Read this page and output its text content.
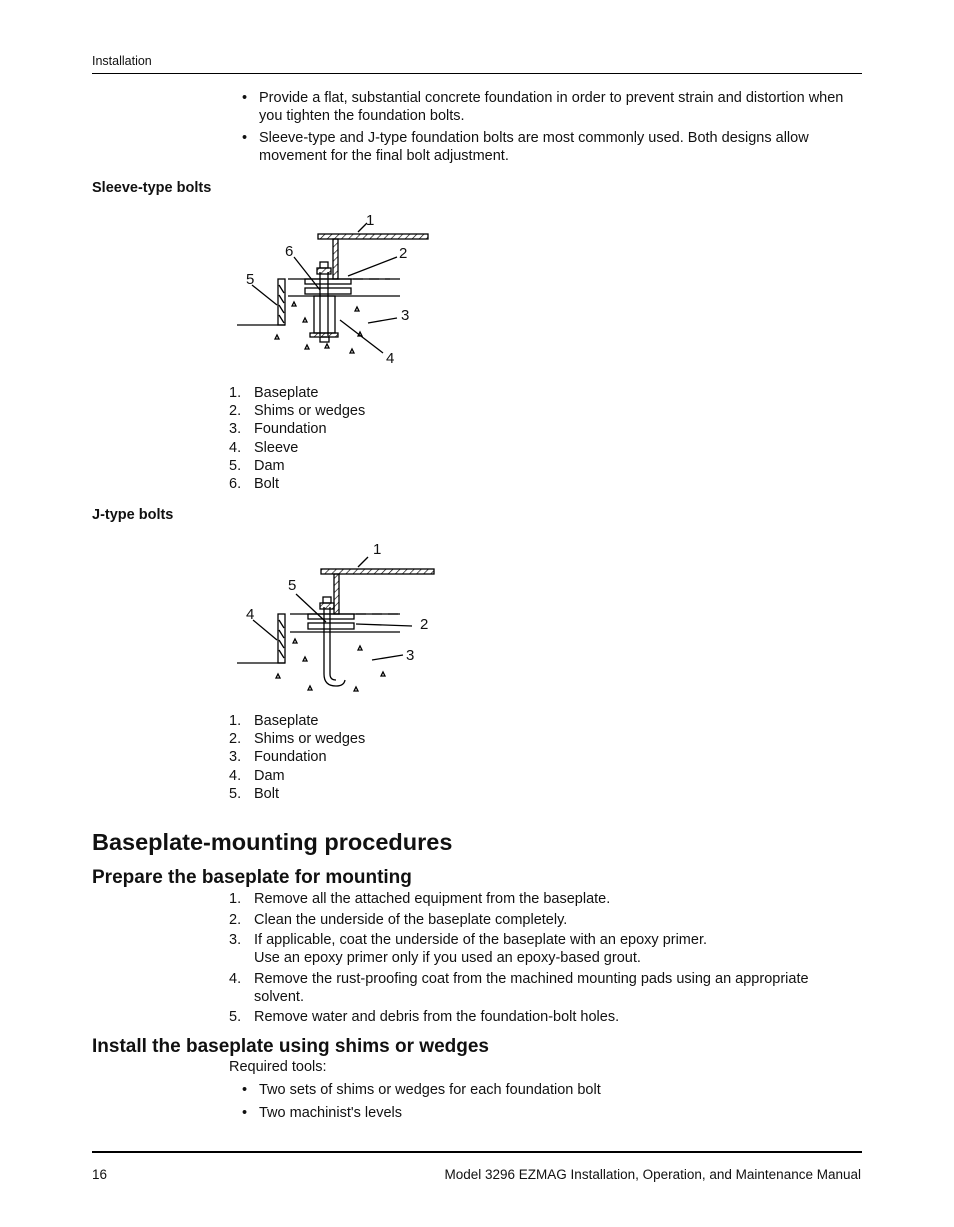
Installation
• Provide a flat, substantial concrete foundation in order to prevent strain and distortion when you tighten the foundation bolts.
• Sleeve-type and J-type foundation bolts are most commonly used. Both designs allow movement for the final bolt adjustment.
Sleeve-type bolts
1
2
3
4
5
6
1
2
3
4
5
1. Baseplate
2. Shims or wedges
3. Foundation
4. Sleeve
5. Dam
6. Bolt
J-type bolts
1. Baseplate
2. Shims or wedges
3. Foundation
4. Dam
5. Bolt
Baseplate-mounting procedures
Prepare the baseplate for mounting
1. Remove all the attached equipment from the baseplate.
2. Clean the underside of the baseplate completely.
3. If applicable, coat the underside of the baseplate with an epoxy primer.
Use an epoxy primer only if you used an epoxy-based grout.
4. Remove the rust-proofing coat from the machined mounting pads using an appropriate solvent.
5. Remove water and debris from the foundation-bolt holes.
Install the baseplate using shims or wedges
Required tools:
• Two sets of shims or wedges for each foundation bolt
• Two machinist's levels
16	Model 3296 EZMAG Installation, Operation, and Maintenance Manual
